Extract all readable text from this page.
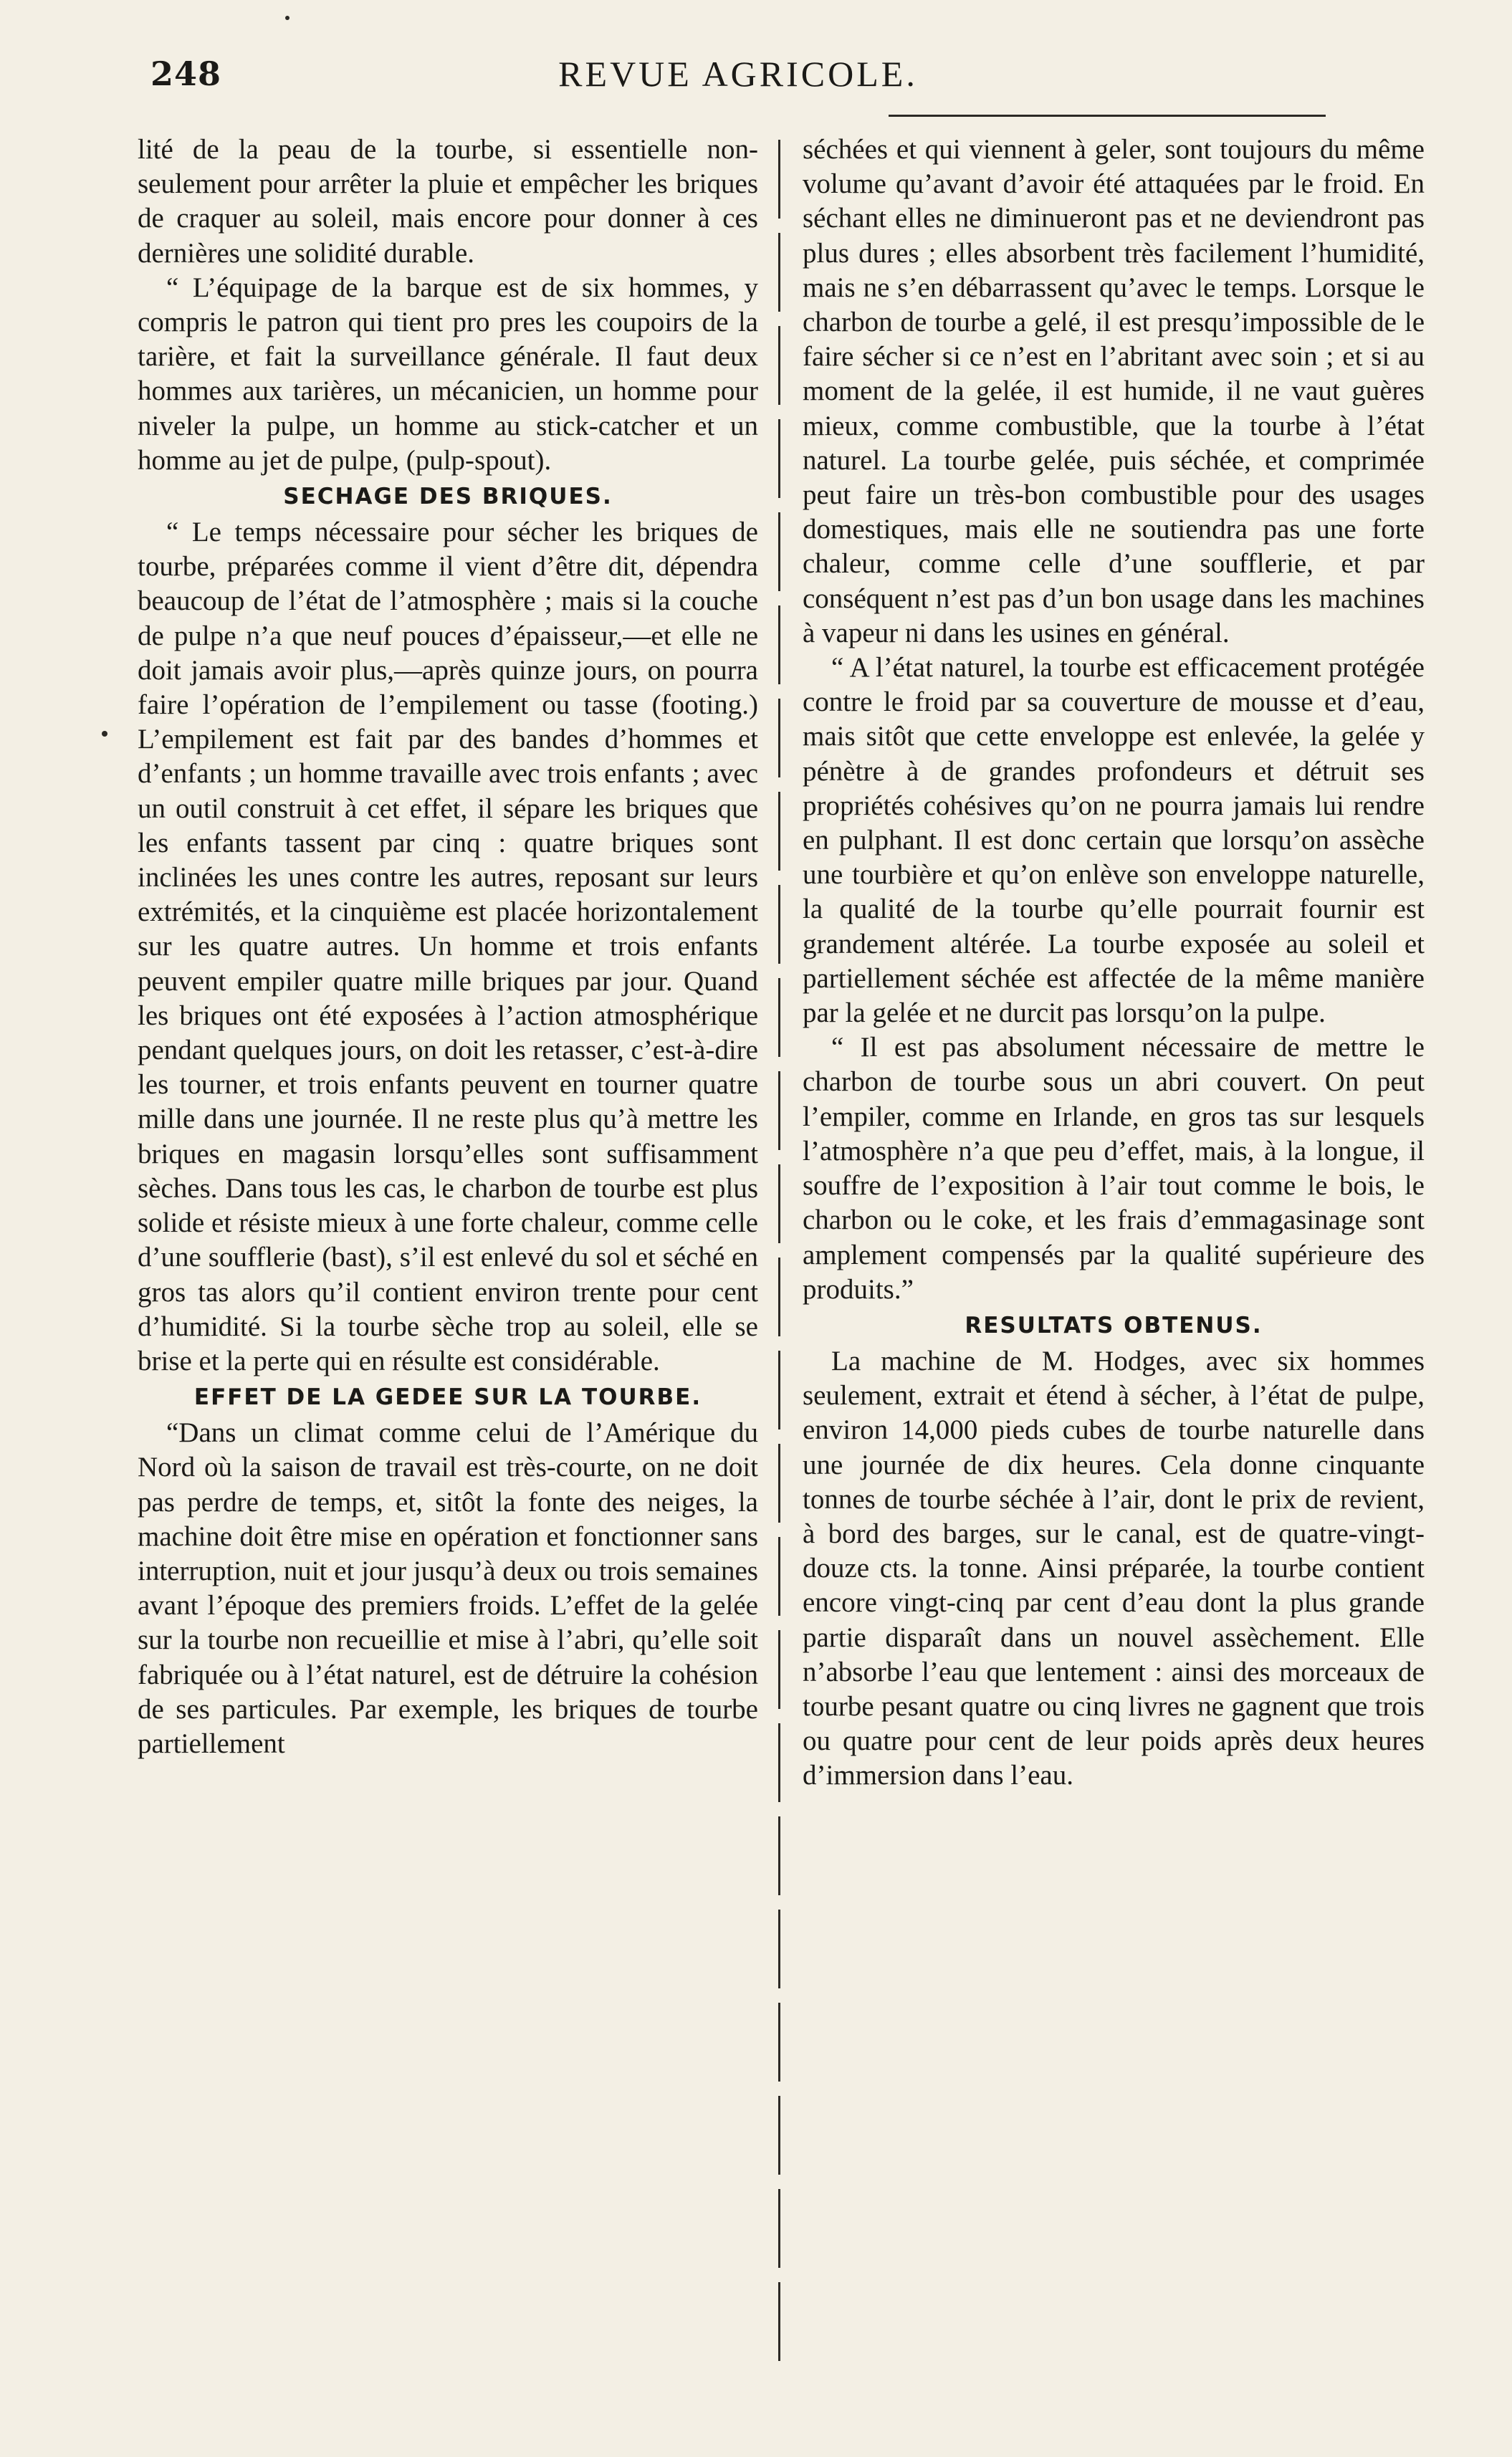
248	REVUE AGRICOLE.

lité de la peau de la tourbe, si essentielle non-seulement pour arrêter la pluie et empêcher les briques de craquer au soleil, mais encore pour donner à ces dernières une solidité durable.

“ L’équipage de la barque est de six hommes, y compris le patron qui tient pro pres les coupoirs de la tarière, et fait la surveillance générale. Il faut deux hommes aux tarières, un mécanicien, un homme pour niveler la pulpe, un homme au stick-catcher et un homme au jet de pulpe, (pulp-spout).

SECHAGE DES BRIQUES.

“ Le temps nécessaire pour sécher les briques de tourbe, préparées comme il vient d’être dit, dépendra beaucoup de l’état de l’atmosphère ; mais si la couche de pulpe n’a que neuf pouces d’épaisseur,—et elle ne doit jamais avoir plus,—après quinze jours, on pourra faire l’opération de l’empilement ou tasse (footing.) L’empilement est fait par des bandes d’hommes et d’enfants ; un homme travaille avec trois enfants ; avec un outil construit à cet effet, il sépare les briques que les enfants tassent par cinq : quatre briques sont inclinées les unes contre les autres, reposant sur leurs extrémités, et la cinquième est placée horizontalement sur les quatre autres. Un homme et trois enfants peuvent empiler quatre mille briques par jour. Quand les briques ont été exposées à l’action atmosphérique pendant quelques jours, on doit les retasser, c’est-à-dire les tourner, et trois enfants peuvent en tourner quatre mille dans une journée. Il ne reste plus qu’à mettre les briques en magasin lorsqu’elles sont suffisamment sèches. Dans tous les cas, le charbon de tourbe est plus solide et résiste mieux à une forte chaleur, comme celle d’une soufflerie (bast), s’il est enlevé du sol et séché en gros tas alors qu’il contient environ trente pour cent d’humidité. Si la tourbe sèche trop au soleil, elle se brise et la perte qui en résulte est considérable.

EFFET DE LA GEDEE SUR LA TOURBE.

“Dans un climat comme celui de l’Amérique du Nord où la saison de travail est très-courte, on ne doit pas perdre de temps, et, sitôt la fonte des neiges, la machine doit être mise en opération et fonctionner sans interruption, nuit et jour jusqu’à deux ou trois semaines avant l’époque des premiers froids. L’effet de la gelée sur la tourbe non recueillie et mise à l’abri, qu’elle soit fabriquée ou à l’état naturel, est de détruire la cohésion de ses particules. Par exemple, les briques de tourbe partiellement

séchées et qui viennent à geler, sont toujours du même volume qu’avant d’avoir été attaquées par le froid. En séchant elles ne diminueront pas et ne deviendront pas plus dures ; elles absorbent très facilement l’humidité, mais ne s’en débarrassent qu’avec le temps. Lorsque le charbon de tourbe a gelé, il est presqu’impossible de le faire sécher si ce n’est en l’abritant avec soin ; et si au moment de la gelée, il est humide, il ne vaut guères mieux, comme combustible, que la tourbe à l’état naturel. La tourbe gelée, puis séchée, et comprimée peut faire un très-bon combustible pour des usages domestiques, mais elle ne soutiendra pas une forte chaleur, comme celle d’une soufflerie, et par conséquent n’est pas d’un bon usage dans les machines à vapeur ni dans les usines en général.

“ A l’état naturel, la tourbe est efficacement protégée contre le froid par sa couverture de mousse et d’eau, mais sitôt que cette enveloppe est enlevée, la gelée y pénètre à de grandes profondeurs et détruit ses propriétés cohésives qu’on ne pourra jamais lui rendre en pulphant. Il est donc certain que lorsqu’on assèche une tourbière et qu’on enlève son enveloppe naturelle, la qualité de la tourbe qu’elle pourrait fournir est grandement altérée. La tourbe exposée au soleil et partiellement séchée est affectée de la même manière par la gelée et ne durcit pas lorsqu’on la pulpe.

“ Il est pas absolument nécessaire de mettre le charbon de tourbe sous un abri couvert. On peut l’empiler, comme en Irlande, en gros tas sur lesquels l’atmosphère n’a que peu d’effet, mais, à la longue, il souffre de l’exposition à l’air tout comme le bois, le charbon ou le coke, et les frais d’emmagasinage sont amplement compensés par la qualité supérieure des produits.”

RESULTATS OBTENUS.

La machine de M. Hodges, avec six hommes seulement, extrait et étend à sécher, à l’état de pulpe, environ 14,000 pieds cubes de tourbe naturelle dans une journée de dix heures. Cela donne cinquante tonnes de tourbe séchée à l’air, dont le prix de revient, à bord des barges, sur le canal, est de quatre-vingt-douze cts. la tonne. Ainsi préparée, la tourbe contient encore vingt-cinq par cent d’eau dont la plus grande partie disparaît dans un nouvel assèchement. Elle n’absorbe l’eau que lentement : ainsi des morceaux de tourbe pesant quatre ou cinq livres ne gagnent que trois ou quatre pour cent de leur poids après deux heures d’immersion dans l’eau.
